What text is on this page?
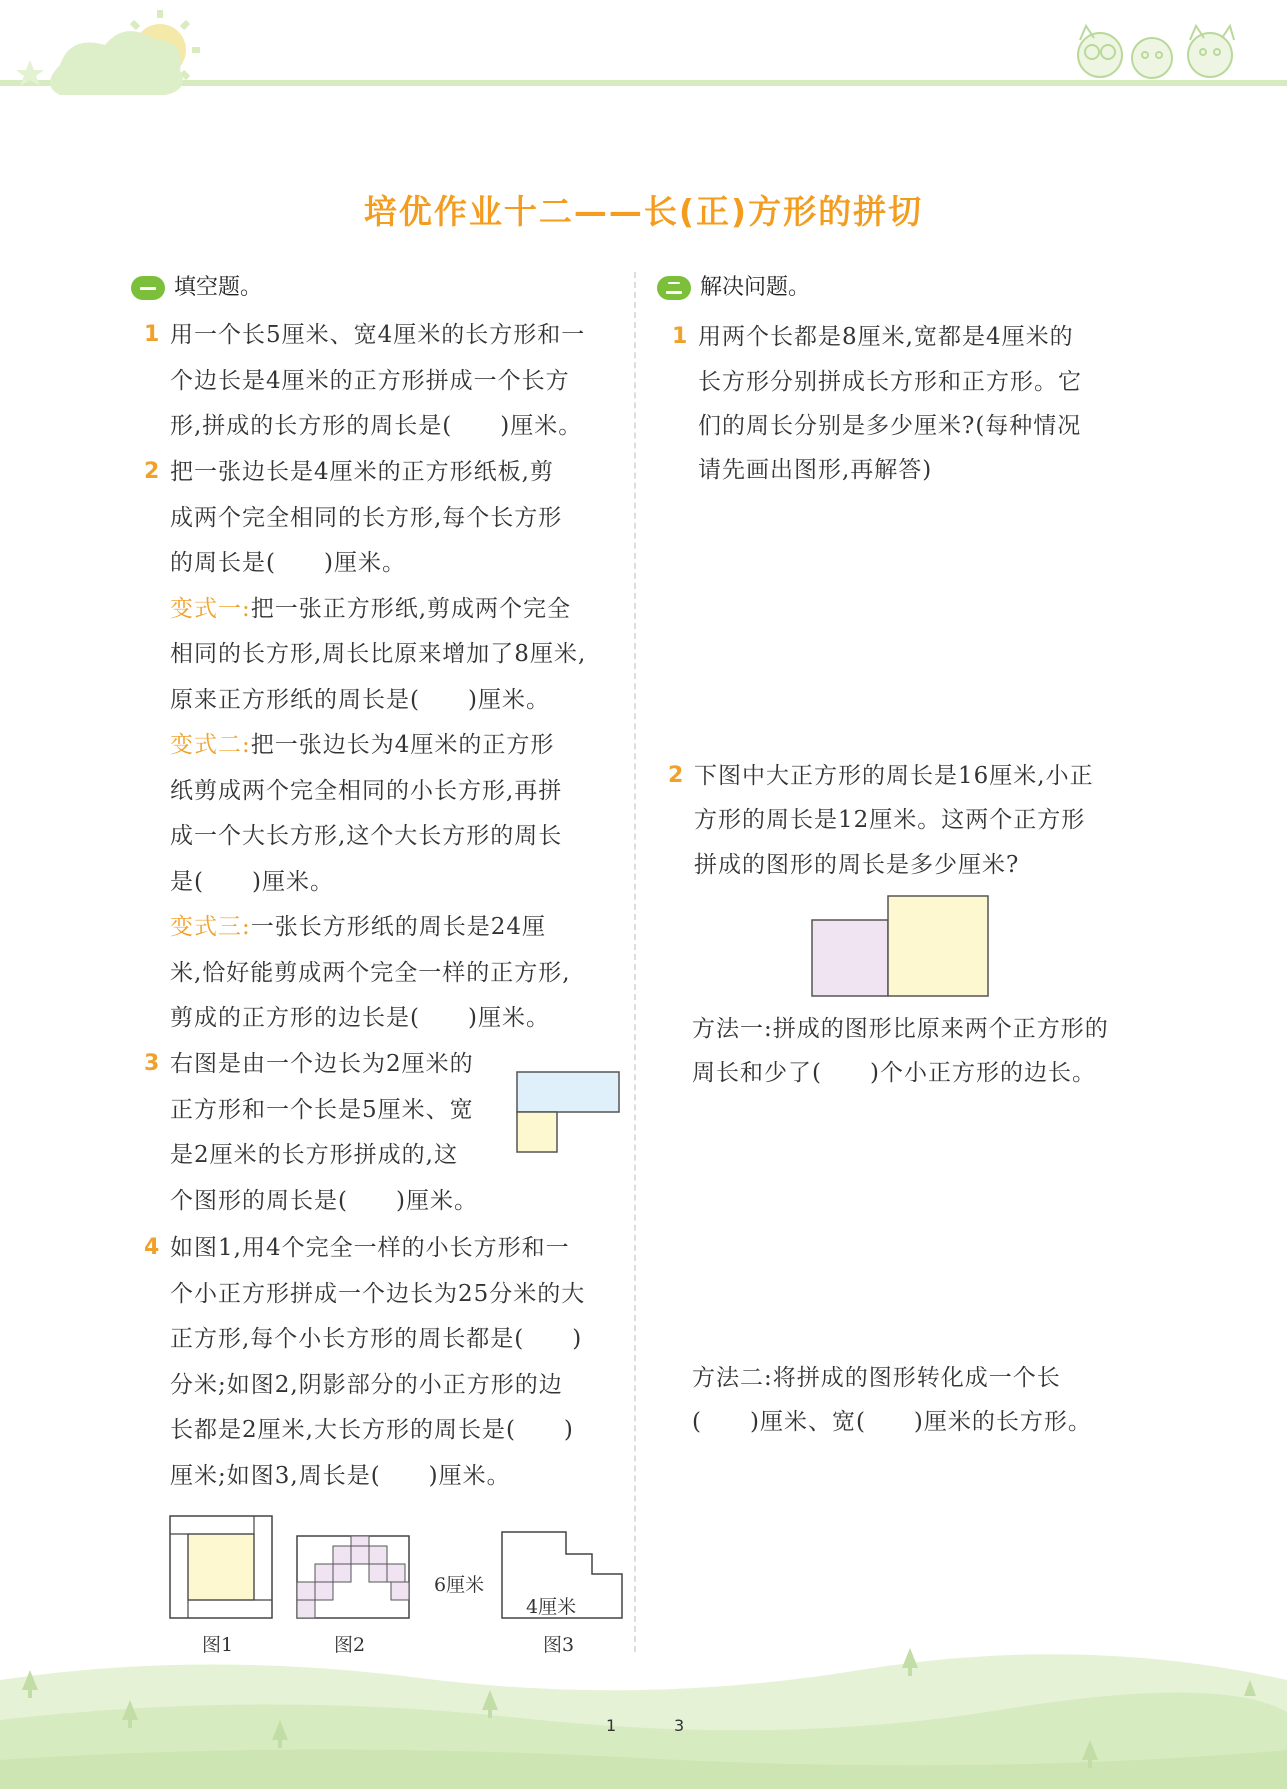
培优作业十二——长(正)方形的拼切
填空题。
1 用一个长5厘米、宽4厘米的长方形和一
个边长是4厘米的正方形拼成一个长方
形,拼成的长方形的周长是(　　)厘米。
2 把一张边长是4厘米的正方形纸板,剪
成两个完全相同的长方形,每个长方形
的周长是(　　)厘米。
变式一:把一张正方形纸,剪成两个完全
相同的长方形,周长比原来增加了8厘米,
原来正方形纸的周长是(　　)厘米。
变式二:把一张边长为4厘米的正方形
纸剪成两个完全相同的小长方形,再拼
成一个大长方形,这个大长方形的周长
是(　　)厘米。
变式三:一张长方形纸的周长是24厘
米,恰好能剪成两个完全一样的正方形,
剪成的正方形的边长是(　　)厘米。
3 右图是由一个边长为2厘米的
正方形和一个长是5厘米、宽
是2厘米的长方形拼成的,这
个图形的周长是(　　)厘米。
4 如图1,用4个完全一样的小长方形和一
个小正方形拼成一个边长为25分米的大
正方形,每个小长方形的周长都是(　　)
分米;如图2,阴影部分的小正方形的边
长都是2厘米,大长方形的周长是(　　)
厘米;如图3,周长是(　　)厘米。
图1	图2
6厘米
4厘米
图3
解决问题。
1 用两个长都是8厘米,宽都是4厘米的
长方形分别拼成长方形和正方形。它
们的周长分别是多少厘米?(每种情况
请先画出图形,再解答)
2 下图中大正方形的周长是16厘米,小正
方形的周长是12厘米。这两个正方形
拼成的图形的周长是多少厘米?
方法一:拼成的图形比原来两个正方形的
周长和少了(　　)个小正方形的边长。
方法二:将拼成的图形转化成一个长
(　　)厘米、宽(　　)厘米的长方形。
1	3
